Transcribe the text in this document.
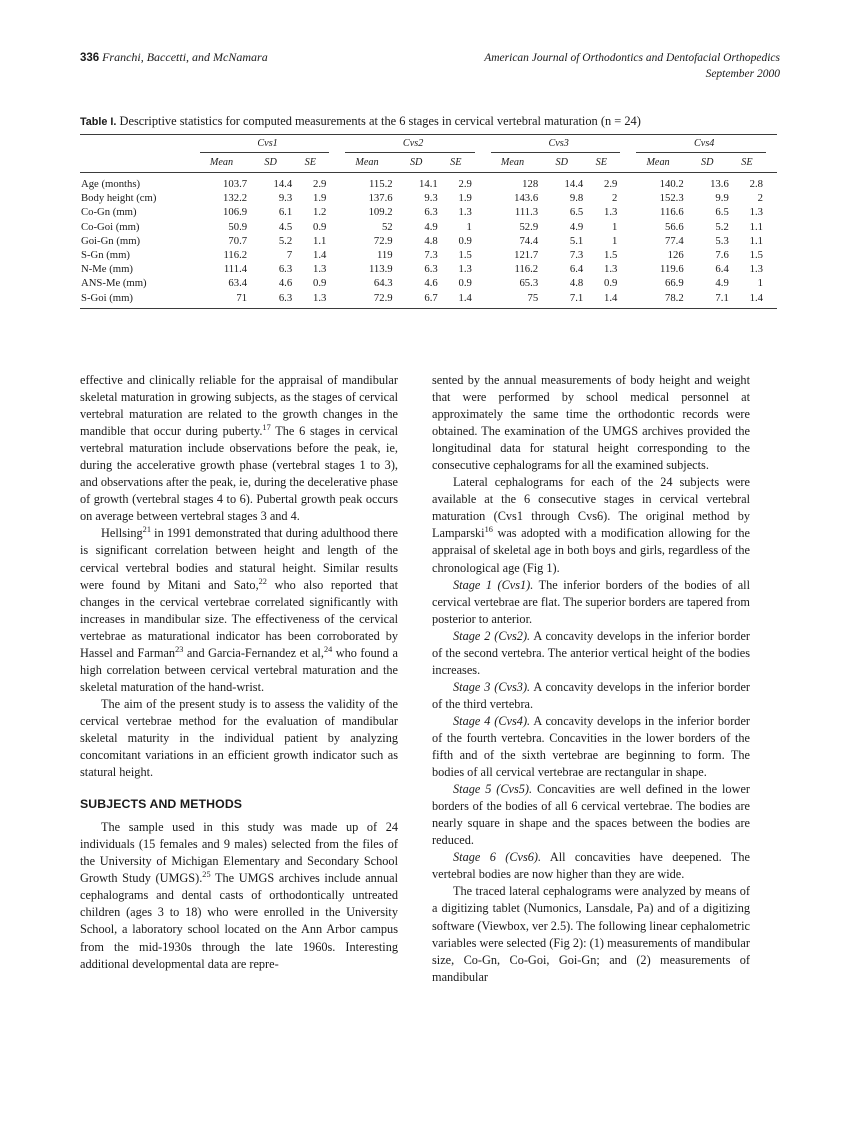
336 Franchi, Baccetti, and McNamara	American Journal of Orthodontics and Dentofacial Orthopedics
September 2000
Table I. Descriptive statistics for computed measurements at the 6 stages in cervical vertebral maturation (n = 24)
	Cvs1			Cvs2			Cvs3			Cvs4		

	Mean	SD	SE	Mean	SD	SE	Mean	SD	SE	Mean	SD	SE
Age (months)	103.7	14.4	2.9	115.2	14.1	2.9	128	14.4	2.9	140.2	13.6	2.8
Body height (cm)	132.2	9.3	1.9	137.6	9.3	1.9	143.6	9.8	2	152.3	9.9	2
Co-Gn (mm)	106.9	6.1	1.2	109.2	6.3	1.3	111.3	6.5	1.3	116.6	6.5	1.3
Co-Goi (mm)	50.9	4.5	0.9	52	4.9	1	52.9	4.9	1	56.6	5.2	1.1
Goi-Gn (mm)	70.7	5.2	1.1	72.9	4.8	0.9	74.4	5.1	1	77.4	5.3	1.1
S-Gn (mm)	116.2	7	1.4	119	7.3	1.5	121.7	7.3	1.5	126	7.6	1.5
N-Me (mm)	111.4	6.3	1.3	113.9	6.3	1.3	116.2	6.4	1.3	119.6	6.4	1.3
ANS-Me (mm)	63.4	4.6	0.9	64.3	4.6	0.9	65.3	4.8	0.9	66.9	4.9	1
S-Goi (mm)	71	6.3	1.3	72.9	6.7	1.4	75	7.1	1.4	78.2	7.1	1.4

effective and clinically reliable for the appraisal of mandibular skeletal maturation in growing subjects, as the stages of cervical vertebral maturation are related to the growth changes in the mandible that occur during puberty.$^{17}$ The 6 stages in cervical vertebral maturation include observations before the peak, ie, during the accelerative growth phase (vertebral stages 1 to 3), and observations after the peak, ie, during the decelerative phase of growth (vertebral stages 4 to 6). Pubertal growth peak occurs on average between vertebral stages 3 and 4.

Hellsing$^{21}$ in 1991 demonstrated that during adulthood there is significant correlation between height and length of the cervical vertebral bodies and statural height. Similar results were found by Mitani and Sato,$^{22}$ who also reported that changes in the cervical vertebrae correlated significantly with increases in mandibular size. The effectiveness of the cervical vertebrae as maturational indicator has been corroborated by Hassel and Farman$^{23}$ and Garcia-Fernandez et al,$^{24}$ who found a high correlation between cervical vertebral maturation and the skeletal maturation of the hand-wrist.

The aim of the present study is to assess the validity of the cervical vertebrae method for the evaluation of mandibular skeletal maturity in the individual patient by analyzing concomitant variations in an efficient growth indicator such as statural height.

SUBJECTS AND METHODS

The sample used in this study was made up of 24 individuals (15 females and 9 males) selected from the files of the University of Michigan Elementary and Secondary School Growth Study (UMGS).$^{25}$ The UMGS archives include annual cephalograms and dental casts of orthodontically untreated children (ages 3 to 18) who were enrolled in the University School, a laboratory school located on the Ann Arbor campus from the mid-1930s through the late 1960s. Interesting additional developmental data are repre-

sented by the annual measurements of body height and weight that were performed by school medical personnel at approximately the same time the orthodontic records were obtained. The examination of the UMGS archives provided the longitudinal data for statural height corresponding to the consecutive cephalograms for all the examined subjects.

Lateral cephalograms for each of the 24 subjects were available at the 6 consecutive stages in cervical vertebral maturation (Cvs1 through Cvs6). The original method by Lamparski$^{16}$ was adopted with a modification allowing for the appraisal of skeletal age in both boys and girls, regardless of the chronological age (Fig 1).

Stage 1 (Cvs1). The inferior borders of the bodies of all cervical vertebrae are flat. The superior borders are tapered from posterior to anterior.

Stage 2 (Cvs2). A concavity develops in the inferior border of the second vertebra. The anterior vertical height of the bodies increases.

Stage 3 (Cvs3). A concavity develops in the inferior border of the third vertebra.

Stage 4 (Cvs4). A concavity develops in the inferior border of the fourth vertebra. Concavities in the lower borders of the fifth and of the sixth vertebrae are beginning to form. The bodies of all cervical vertebrae are rectangular in shape.

Stage 5 (Cvs5). Concavities are well defined in the lower borders of the bodies of all 6 cervical vertebrae. The bodies are nearly square in shape and the spaces between the bodies are reduced.

Stage 6 (Cvs6). All concavities have deepened. The vertebral bodies are now higher than they are wide.

The traced lateral cephalograms were analyzed by means of a digitizing tablet (Numonics, Lansdale, Pa) and of a digitizing software (Viewbox, ver 2.5). The following linear cephalometric variables were selected (Fig 2): (1) measurements of mandibular size, Co-Gn, Co-Goi, Goi-Gn; and (2) measurements of mandibular
